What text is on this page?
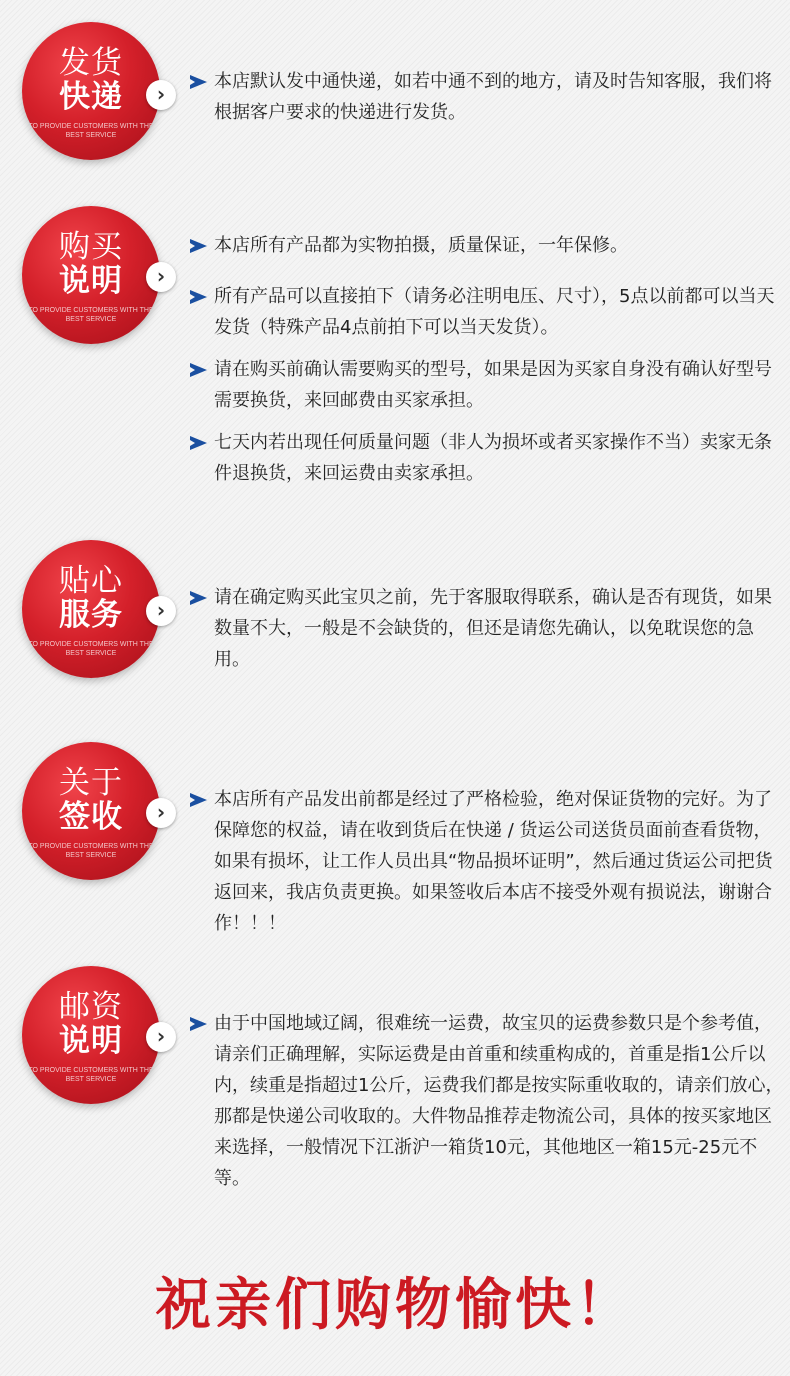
发货
快递
TO PROVIDE CUSTOMERS WITH THE BEST SERVICE
›
本店默认发中通快递，如若中通不到的地方，请及时告知客服，我们将根据客户要求的快递进行发货。
购买
说明
TO PROVIDE CUSTOMERS WITH THE BEST SERVICE
›
本店所有产品都为实物拍摄，质量保证，一年保修。
所有产品可以直接拍下（请务必注明电压、尺寸），5点以前都可以当天发货（特殊产品4点前拍下可以当天发货）。
请在购买前确认需要购买的型号，如果是因为买家自身没有确认好型号需要换货，来回邮费由买家承担。
七天内若出现任何质量问题（非人为损坏或者买家操作不当）卖家无条件退换货，来回运费由卖家承担。
贴心
服务
TO PROVIDE CUSTOMERS WITH THE BEST SERVICE
›
请在确定购买此宝贝之前，先于客服取得联系，确认是否有现货，如果数量不大，一般是不会缺货的，但还是请您先确认，以免耽误您的急用。
关于
签收
TO PROVIDE CUSTOMERS WITH THE BEST SERVICE
›
本店所有产品发出前都是经过了严格检验，绝对保证货物的完好。为了保障您的权益，请在收到货后在快递 / 货运公司送货员面前查看货物，如果有损坏，让工作人员出具“物品损坏证明”，然后通过货运公司把货返回来，我店负责更换。如果签收后本店不接受外观有损说法，谢谢合作！！！
邮资
说明
TO PROVIDE CUSTOMERS WITH THE BEST SERVICE
›
由于中国地域辽阔，很难统一运费，故宝贝的运费参数只是个参考值，请亲们正确理解，实际运费是由首重和续重构成的，首重是指1公斤以内，续重是指超过1公斤，运费我们都是按实际重收取的，请亲们放心，那都是快递公司收取的。大件物品推荐走物流公司，具体的按买家地区来选择，一般情况下江浙沪一箱货10元，其他地区一箱15元-25元不等。
祝亲们购物愉快！
